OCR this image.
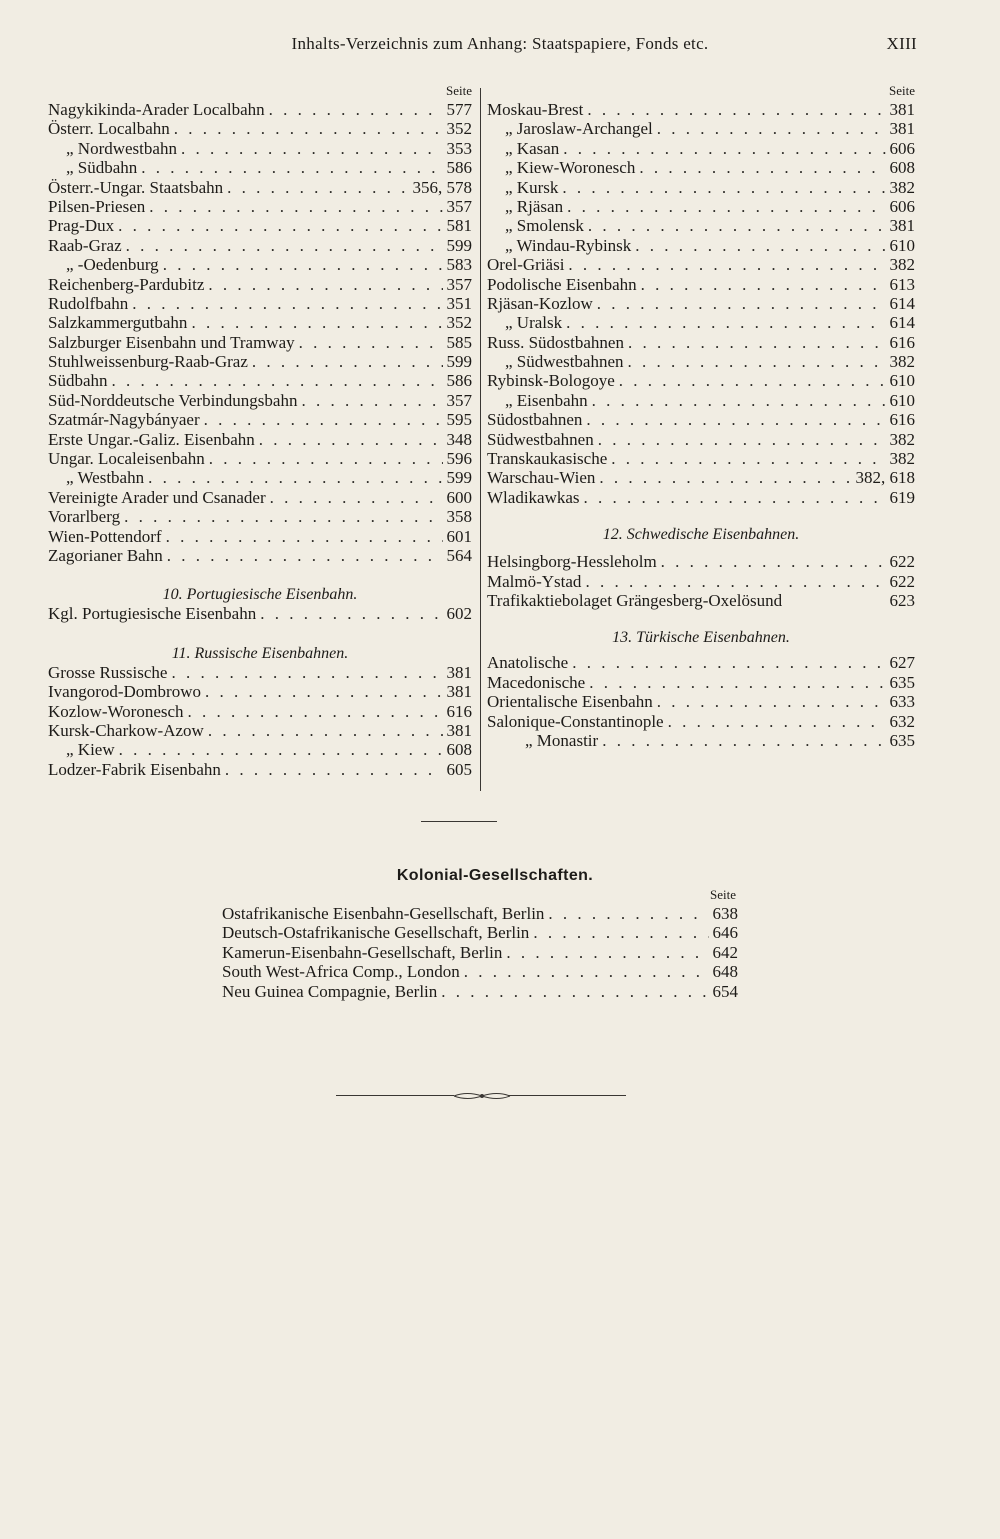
Inhalts-Verzeichnis zum Anhang: Staatspapiere, Fonds etc.	XIII
Seite
Nagykikinda-Arader Localbahn . . .	577
Österr. Localbahn . . .	352
„ Nordwestbahn . . .	353
„ Südbahn . . .	586
Österr.-Ungar. Staatsbahn . . .	356, 578
Pilsen-Priesen . . .	357
Prag-Dux . . .	581
Raab-Graz . . .	599
„ -Oedenburg . . .	583
Reichenberg-Pardubitz . . .	357
Rudolfbahn . . .	351
Salzkammergutbahn . . .	352
Salzburger Eisenbahn und Tramway . . .	585
Stuhlweissenburg-Raab-Graz . . .	599
Südbahn . . .	586
Süd-Norddeutsche Verbindungsbahn . . .	357
Szatmár-Nagybányaer . . .	595
Erste Ungar.-Galiz. Eisenbahn . . .	348
Ungar. Localeisenbahn . . .	596
„ Westbahn . . .	599
Vereinigte Arader und Csanader . . .	600
Vorarlberg . . .	358
Wien-Pottendorf . . .	601
Zagorianer Bahn . . .	564
10. Portugiesische Eisenbahn.
Kgl. Portugiesische Eisenbahn . . .	602
11. Russische Eisenbahnen.
Grosse Russische . . .	381
Ivangorod-Dombrowo . . .	381
Kozlow-Woronesch . . .	616
Kursk-Charkow-Azow . . .	381
„ Kiew . . .	608
Lodzer-Fabrik Eisenbahn . . .	605
Seite
Moskau-Brest . . .	381
„ Jaroslaw-Archangel . . .	381
„ Kasan . . .	606
„ Kiew-Woronesch . . .	608
„ Kursk . . .	382
„ Rjäsan . . .	606
„ Smolensk . . .	381
„ Windau-Rybinsk . . .	610
Orel-Griäsi . . .	382
Podolische Eisenbahn . . .	613
Rjäsan-Kozlow . . .	614
„ Uralsk . . .	614
Russ. Südostbahnen . . .	616
„ Südwestbahnen . . .	382
Rybinsk-Bologoye . . .	610
„ Eisenbahn . . .	610
Südostbahnen . . .	616
Südwestbahnen . . .	382
Transkaukasische . . .	382
Warschau-Wien . . .	382, 618
Wladikawkas . . .	619
12. Schwedische Eisenbahnen.
Helsingborg-Hessleholm . . .	622
Malmö-Ystad . . .	622
Trafikaktiebolaget Grängesberg-Oxelösund	623
13. Türkische Eisenbahnen.
Anatolische . . .	627
Macedonische . . .	635
Orientalische Eisenbahn . . .	633
Salonique-Constantinople . . .	632
„ Monastir . . .	635
Kolonial-Gesellschaften.
Seite
Ostafrikanische Eisenbahn-Gesellschaft, Berlin . . .	638
Deutsch-Ostafrikanische Gesellschaft, Berlin . . .	646
Kamerun-Eisenbahn-Gesellschaft, Berlin . . .	642
South West-Africa Comp., London . . .	648
Neu Guinea Compagnie, Berlin . . .	654
